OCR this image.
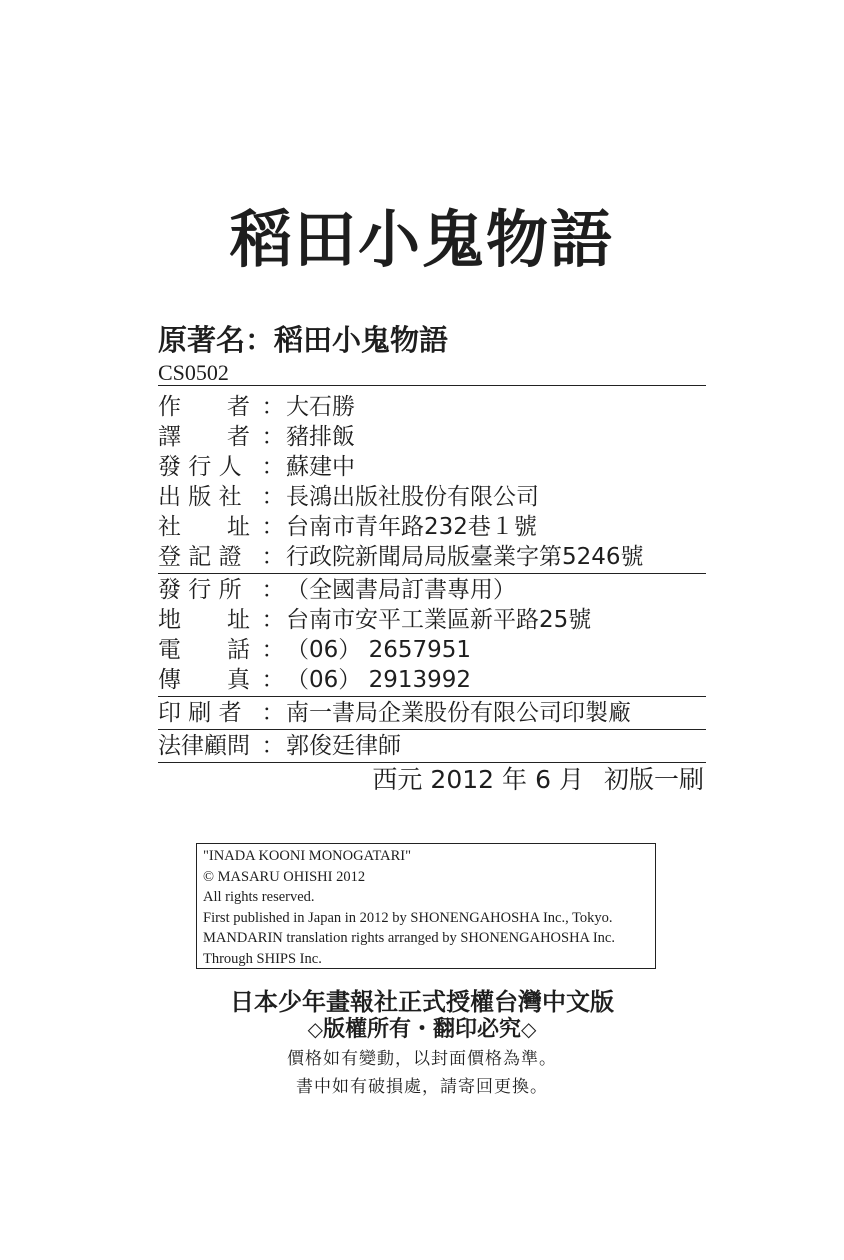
稻田小鬼物語
原著名：稻田小鬼物語
CS0502
作　　者 ：大石勝
譯　　者 ：豬排飯
發 行 人 ：蘇建中
出 版 社 ：長鴻出版社股份有限公司
社　　址 ：台南市青年路232巷１號
登 記 證 ：行政院新聞局局版臺業字第5246號
發 行 所 ：（全國書局訂書專用）
地　　址 ：台南市安平工業區新平路25號
電　　話 ：（06） 2657951
傳　　真 ：（06） 2913992
印 刷 者 ：南一書局企業股份有限公司印製廠
法律顧問 ：郭俊廷律師
西元 2012 年 6 月 初版一刷
"INADA KOONI MONOGATARI"
© MASARU OHISHI 2012
All rights reserved.
First published in Japan in 2012 by SHONENGAHOSHA Inc., Tokyo.
MANDARIN translation rights arranged by SHONENGAHOSHA Inc.
Through SHIPS Inc.
日本少年畫報社正式授權台灣中文版
◇版權所有・翻印必究◇
價格如有變動，以封面價格為準。
書中如有破損處，請寄回更換。
